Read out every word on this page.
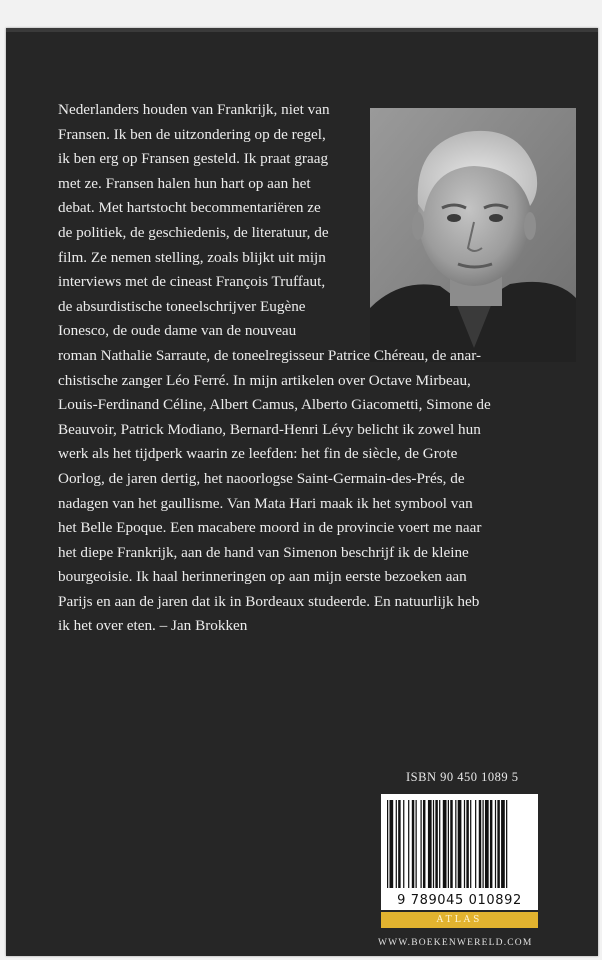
Nederlanders houden van Frankrijk, niet van
Fransen. Ik ben de uitzondering op de regel,
ik ben erg op Fransen gesteld. Ik praat graag
met ze. Fransen halen hun hart op aan het
debat. Met hartstocht becommentariëren ze
de politiek, de geschiedenis, de literatuur, de
film. Ze nemen stelling, zoals blijkt uit mijn
interviews met de cineast François Truffaut,
de absurdistische toneelschrijver Eugène
Ionesco, de oude dame van de nouveau
roman Nathalie Sarraute, de toneelregisseur Patrice Chéreau, de anar-
chistische zanger Léo Ferré. In mijn artikelen over Octave Mirbeau,
Louis-Ferdinand Céline, Albert Camus, Alberto Giacometti, Simone de
Beauvoir, Patrick Modiano, Bernard-Henri Lévy belicht ik zowel hun
werk als het tijdperk waarin ze leefden: het fin de siècle, de Grote
Oorlog, de jaren dertig, het naoorlogse Saint-Germain-des-Prés, de
nadagen van het gaullisme. Van Mata Hari maak ik het symbool van
het Belle Epoque. Een macabere moord in de provincie voert me naar
het diepe Frankrijk, aan de hand van Simenon beschrijf ik de kleine
bourgeoisie. Ik haal herinneringen op aan mijn eerste bezoeken aan
Parijs en aan de jaren dat ik in Bordeaux studeerde. En natuurlijk heb
ik het over eten. – Jan Brokken

ISBN 90 450 1089 5
9 789045 010892
ATLAS
WWW.BOEKENWERELD.COM
